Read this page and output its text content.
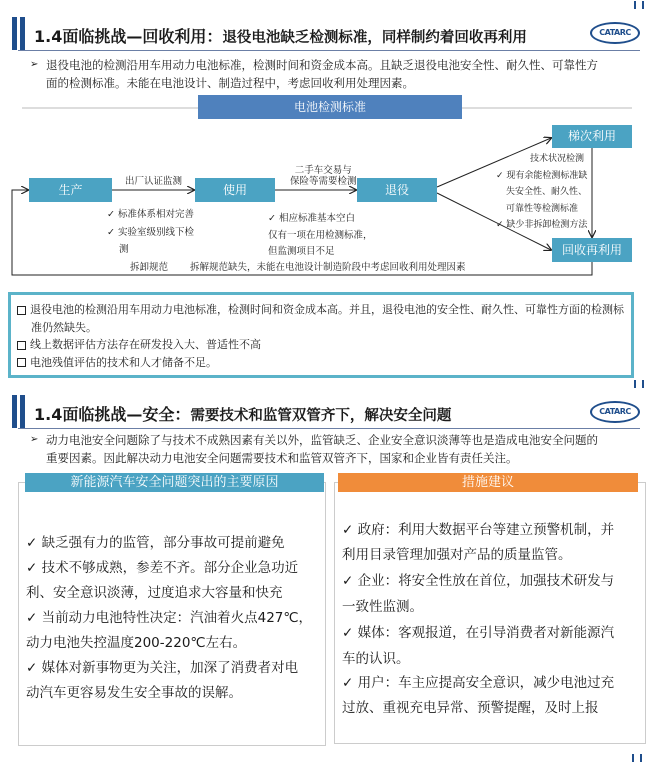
1.4面临挑战—回收利用：退役电池缺乏检测标准，同样制约着回收再利用	CATARC
➢ 退役电池的检测沿用车用动力电池标准，检测时间和资金成本高。且缺乏退役电池安全性、耐久性、可靠性方
面的检测标准。未能在电池设计、制造过程中，考虑回收利用处理因素。
电池检测标准
生产	使用	退役
梯次利用
回收再利用
出厂认证监测
二手车交易与
保险等需要检测
✓ 标准体系相对完善
✓ 实验室级别线下检
测
✓ 相应标准基本空白
仅有一项在用检测标准，
但监测项目不足
技术状况检测
✓ 现有余能检测标准缺
失安全性、耐久性、
可靠性等检测标准
✓ 缺少非拆卸检测方法
拆卸规范 拆解规范缺失，未能在电池设计制造阶段中考虑回收利用处理因素
退役电池的检测沿用车用动力电池标准，检测时间和资金成本高。并且，退役电池的安全性、耐久性、可靠性方面的检测标准仍然缺失。
线上数据评估方法存在研发投入大、普适性不高
电池残值评估的技术和人才储备不足。
1.4面临挑战—安全：需要技术和监管双管齐下，解决安全问题	CATARC
➢ 动力电池安全问题除了与技术不成熟因素有关以外，监管缺乏、企业安全意识淡薄等也是造成电池安全问题的
重要因素。因此解决动力电池安全问题需要技术和监管双管齐下，国家和企业皆有责任关注。
新能源汽车安全问题突出的主要原因
✓ 缺乏强有力的监管，部分事故可提前避免
✓ 技术不够成熟，参差不齐。部分企业急功近
利、安全意识淡薄，过度追求大容量和快充
✓ 当前动力电池特性决定：汽油着火点427℃，
动力电池失控温度200-220℃左右。
✓ 媒体对新事物更为关注，加深了消费者对电
动汽车更容易发生安全事故的误解。
措施建议
✓ 政府：利用大数据平台等建立预警机制，并
利用目录管理加强对产品的质量监管。
✓ 企业：将安全性放在首位，加强技术研发与
一致性监测。
✓ 媒体：客观报道，在引导消费者对新能源汽
车的认识。
✓ 用户：车主应提高安全意识，减少电池过充
过放、重视充电异常、预警提醒，及时上报
